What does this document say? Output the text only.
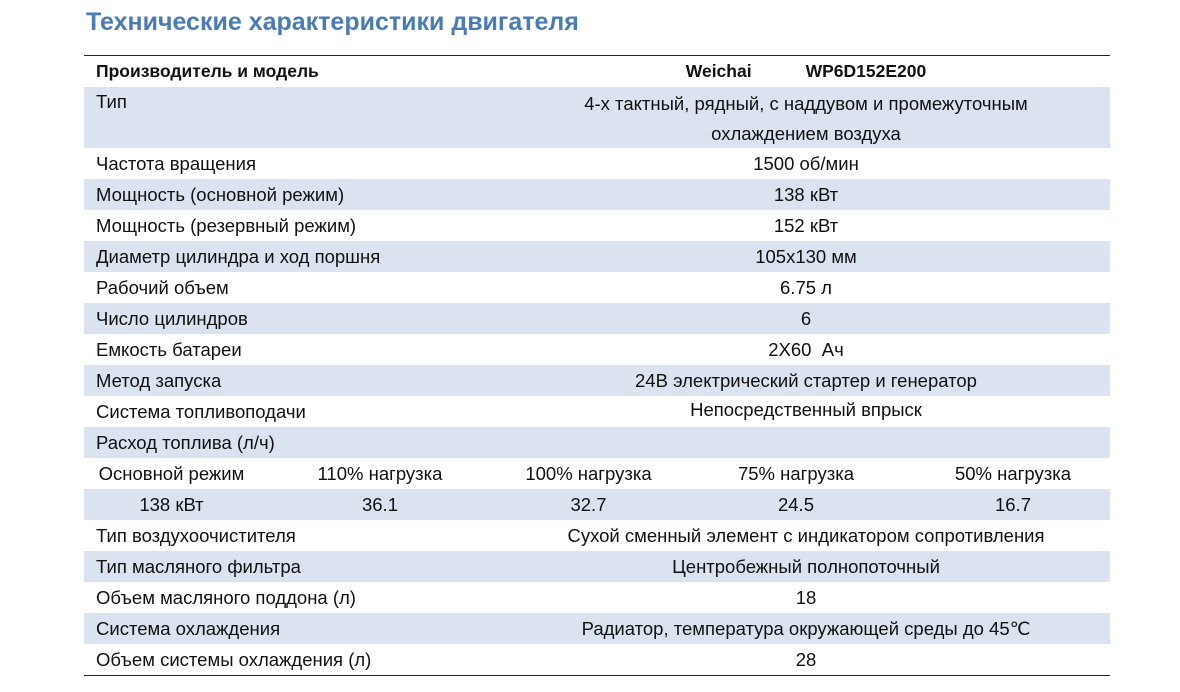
Технические характеристики двигателя
Производитель и модель	Weichai	WP6D152E200
Тип	4-х тактный, рядный, с наддувом и промежуточным
охлаждением воздуха
Частота вращения	1500 об/мин
Мощность (основной режим)	138 кВт
Мощность (резервный режим)	152 кВт
Диаметр цилиндра и ход поршня	105x130 мм
Рабочий объем	6.75 л
Число цилиндров	6
Емкость батареи	2X60  Ач
Метод запуска	24В электрический стартер и генератор
Система топливоподачи	Непосредственный впрыск
Расход топлива (л/ч)
Основной режим	110% нагрузка	100% нагрузка	75% нагрузка	50% нагрузка
138 кВт	36.1	32.7	24.5	16.7
Тип воздухоочистителя	Сухой сменный элемент с индикатором сопротивления
Тип масляного фильтра	Центробежный полнопоточный
Объем масляного поддона (л)	18
Система охлаждения	Радиатор, температура окружающей среды до 45℃
Объем системы охлаждения (л)	28
